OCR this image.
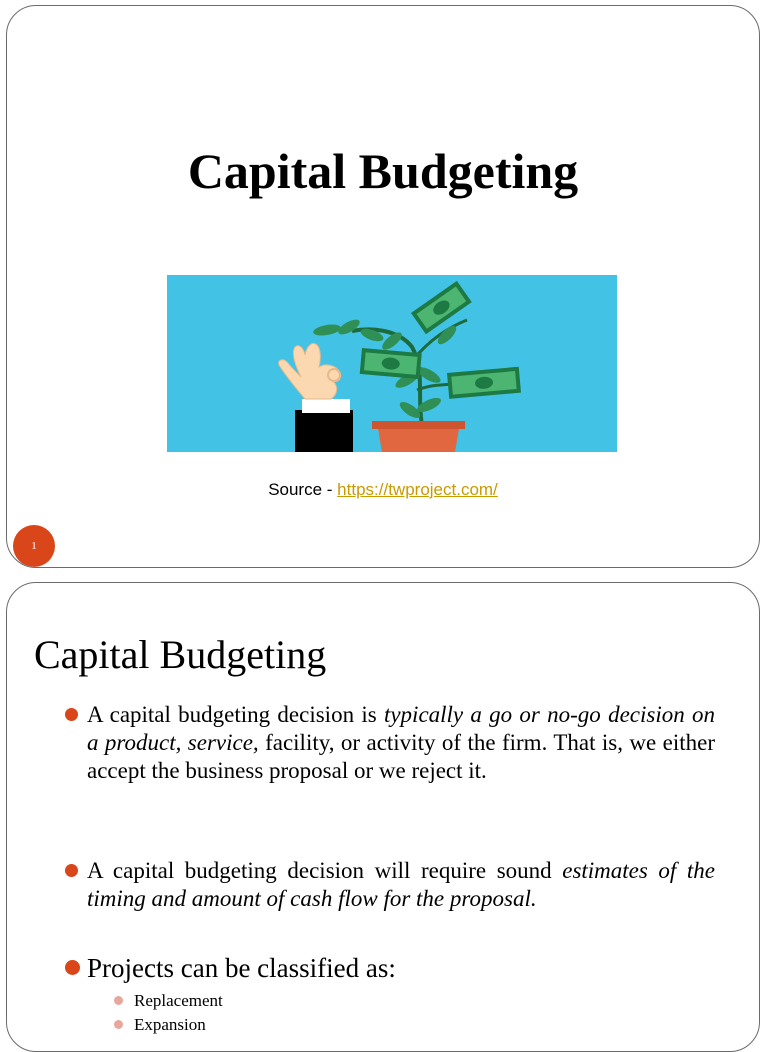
Capital Budgeting
Source - https://twproject.com/
1
Capital Budgeting
A capital budgeting decision is typically a go or no-go decision on a product, service, facility, or activity of the firm. That is, we either accept the business proposal or we reject it.
A capital budgeting decision will require sound estimates of the timing and amount of cash flow for the proposal.
Projects can be classified as:
Replacement
Expansion
